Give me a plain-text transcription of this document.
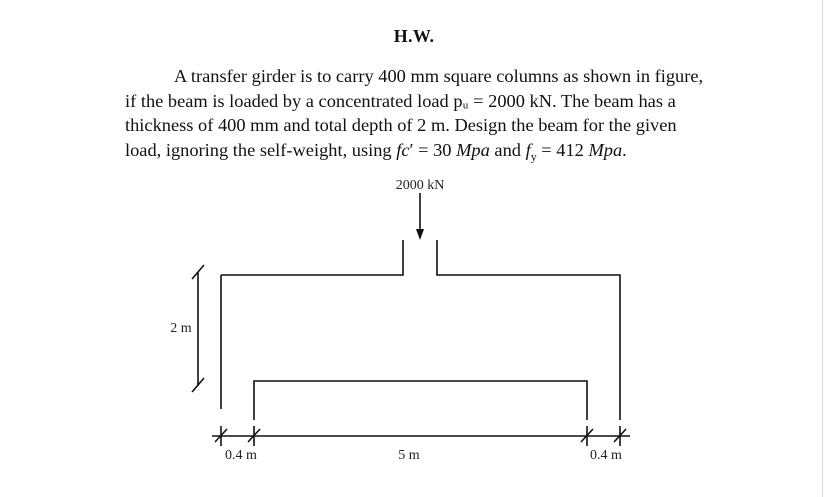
H.W.
A transfer girder is to carry 400 mm square columns as shown in figure,
if the beam is loaded by a concentrated load pᵤ = 2000 kN. The beam has a
thickness of 400 mm and total depth of 2 m. Design the beam for the given
load, ignoring the self-weight, using fc′ = 30 Mpa and $f_y = 412$ Mpa.
2000 kN
2 m
0.4 m	5 m	0.4 m
